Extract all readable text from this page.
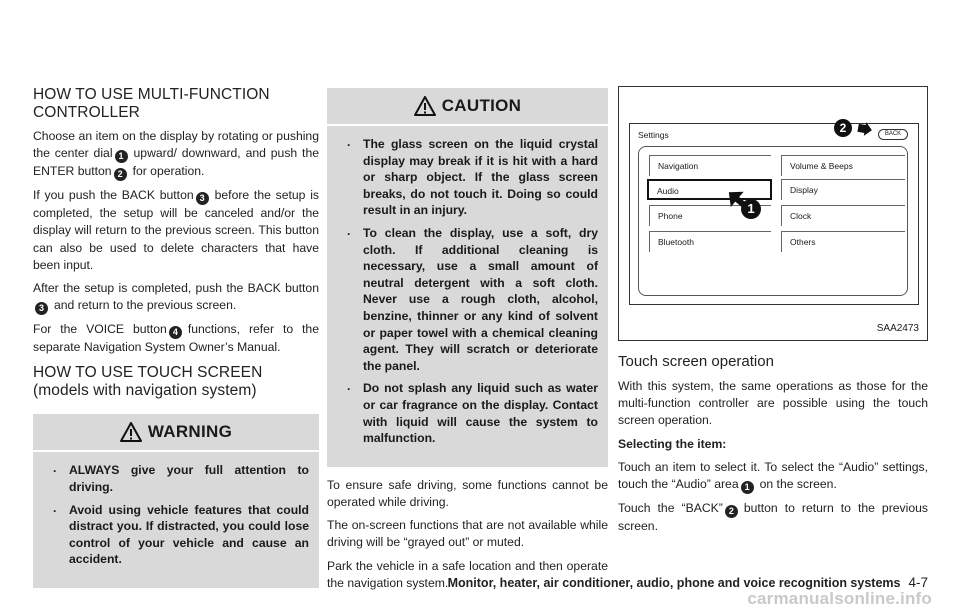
HOW TO USE MULTI-FUNCTION
CONTROLLER

Choose an item on the display by rotating or pushing the center dial 1 upward/ downward, and push the ENTER button 2 for operation.

If you push the BACK button 3 before the setup is completed, the setup will be canceled and/or the display will return to the previous screen. This button can also be used to delete characters that have been input.

After the setup is completed, push the BACK button3 and return to the previous screen.

For the VOICE button 4 functions, refer to the separate Navigation System Owner’s Manual.

HOW TO USE TOUCH SCREEN
(models with navigation system)
WARNING
. ALWAYS give your full attention to driving.
. Avoid using vehicle features that could distract you. If distracted, you could lose control of your vehicle and cause an accident.
CAUTION
. The glass screen on the liquid crystal display may break if it is hit with a hard or sharp object. If the glass screen breaks, do not touch it. Doing so could result in an injury.
. To clean the display, use a soft, dry cloth. If additional cleaning is necessary, use a small amount of neutral detergent with a soft cloth. Never use a rough cloth, alcohol, benzine, thinner or any kind of solvent or paper towel with a chemical cleaning agent. They will scratch or deteriorate the panel.
. Do not splash any liquid such as water or car fragrance on the display. Contact with liquid will cause the system to malfunction.

To ensure safe driving, some functions cannot be operated while driving.

The on-screen functions that are not available while driving will be “grayed out” or muted.

Park the vehicle in a safe location and then operate the navigation system.

Settings	2	BACK
Navigation
Audio
Phone
Bluetooth
Volume & Beeps
Display
Clock
Others
1
SAA2473
Touch screen operation

With this system, the same operations as those for the multi-function controller are possible using the touch screen operation.

Selecting the item:

Touch an item to select it. To select the “Audio” settings, touch the “Audio” area 1 on the screen.

Touch the “BACK” 2 button to return to the previous screen.

Monitor, heater, air conditioner, audio, phone and voice recognition systems 4-7
carmanualsonline.info
